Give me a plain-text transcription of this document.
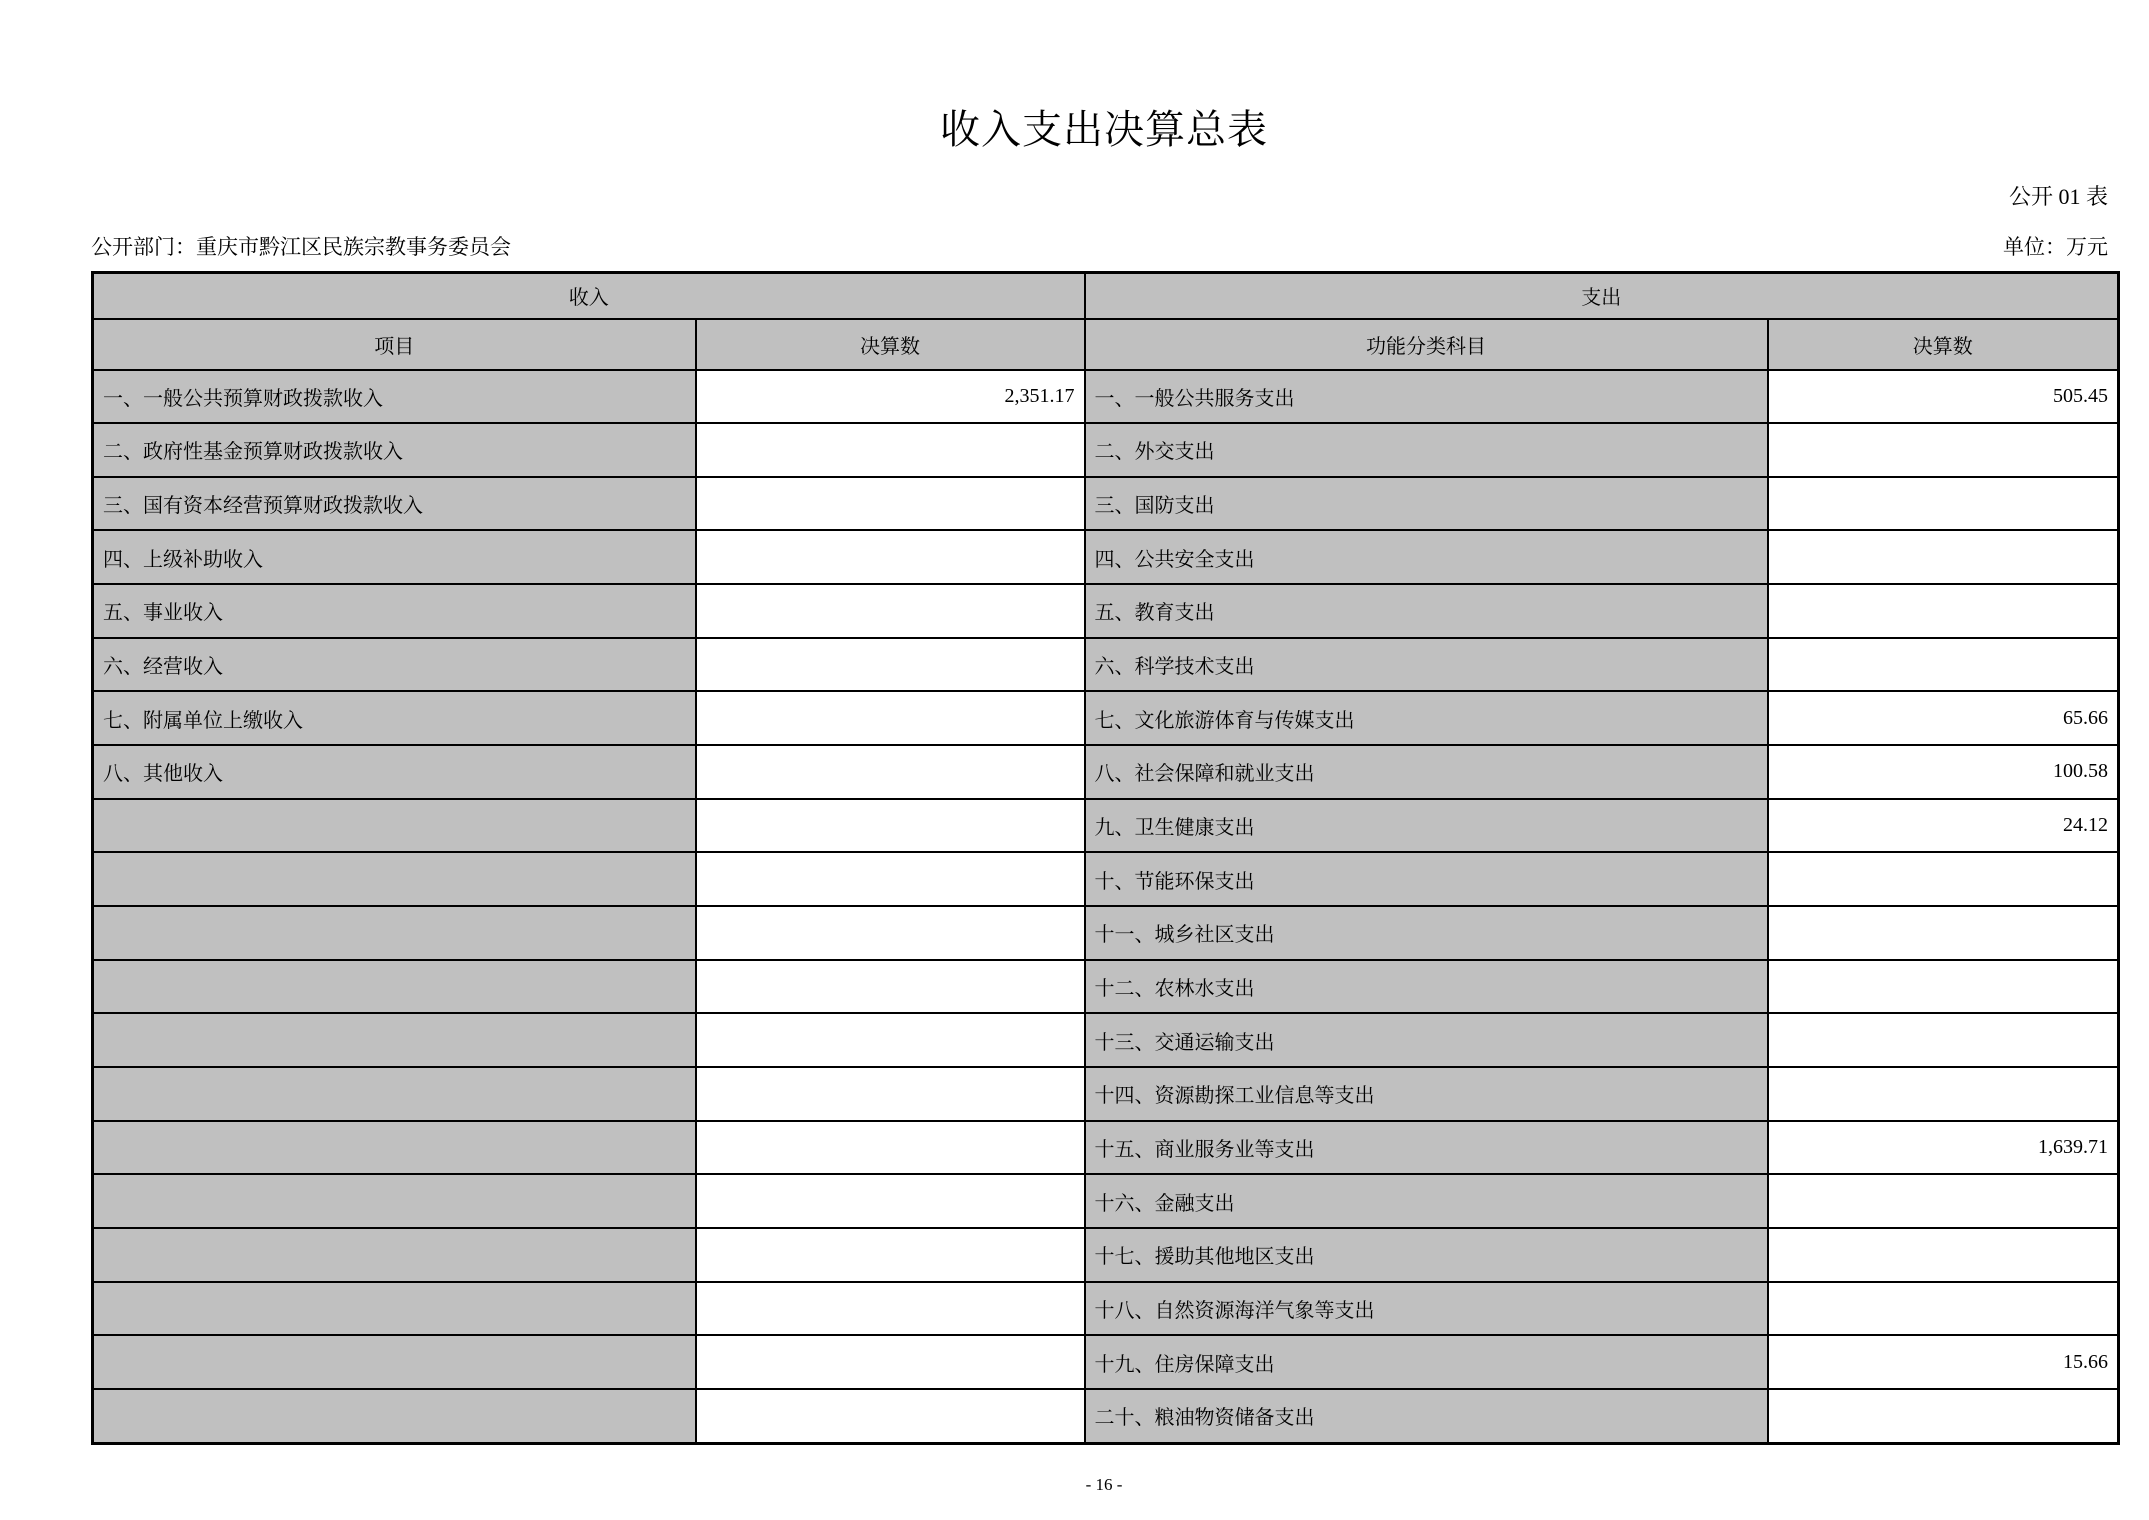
收入支出决算总表
公开 01 表
公开部门：重庆市黔江区民族宗教事务委员会	单位：万元
收入		支出	
项目	决算数	功能分类科目	决算数
一、一般公共预算财政拨款收入	2,351.17	一、一般公共服务支出	505.45
二、政府性基金预算财政拨款收入		二、外交支出	
三、国有资本经营预算财政拨款收入		三、国防支出	
四、上级补助收入		四、公共安全支出	
五、事业收入		五、教育支出	
六、经营收入		六、科学技术支出	
七、附属单位上缴收入		七、文化旅游体育与传媒支出	65.66
八、其他收入		八、社会保障和就业支出	100.58
		九、卫生健康支出	24.12
		十、节能环保支出	
		十一、城乡社区支出	
		十二、农林水支出	
		十三、交通运输支出	
		十四、资源勘探工业信息等支出	
		十五、商业服务业等支出	1,639.71
		十六、金融支出	
		十七、援助其他地区支出	
		十八、自然资源海洋气象等支出	
		十九、住房保障支出	15.66
		二十、粮油物资储备支出	
- 16 -
